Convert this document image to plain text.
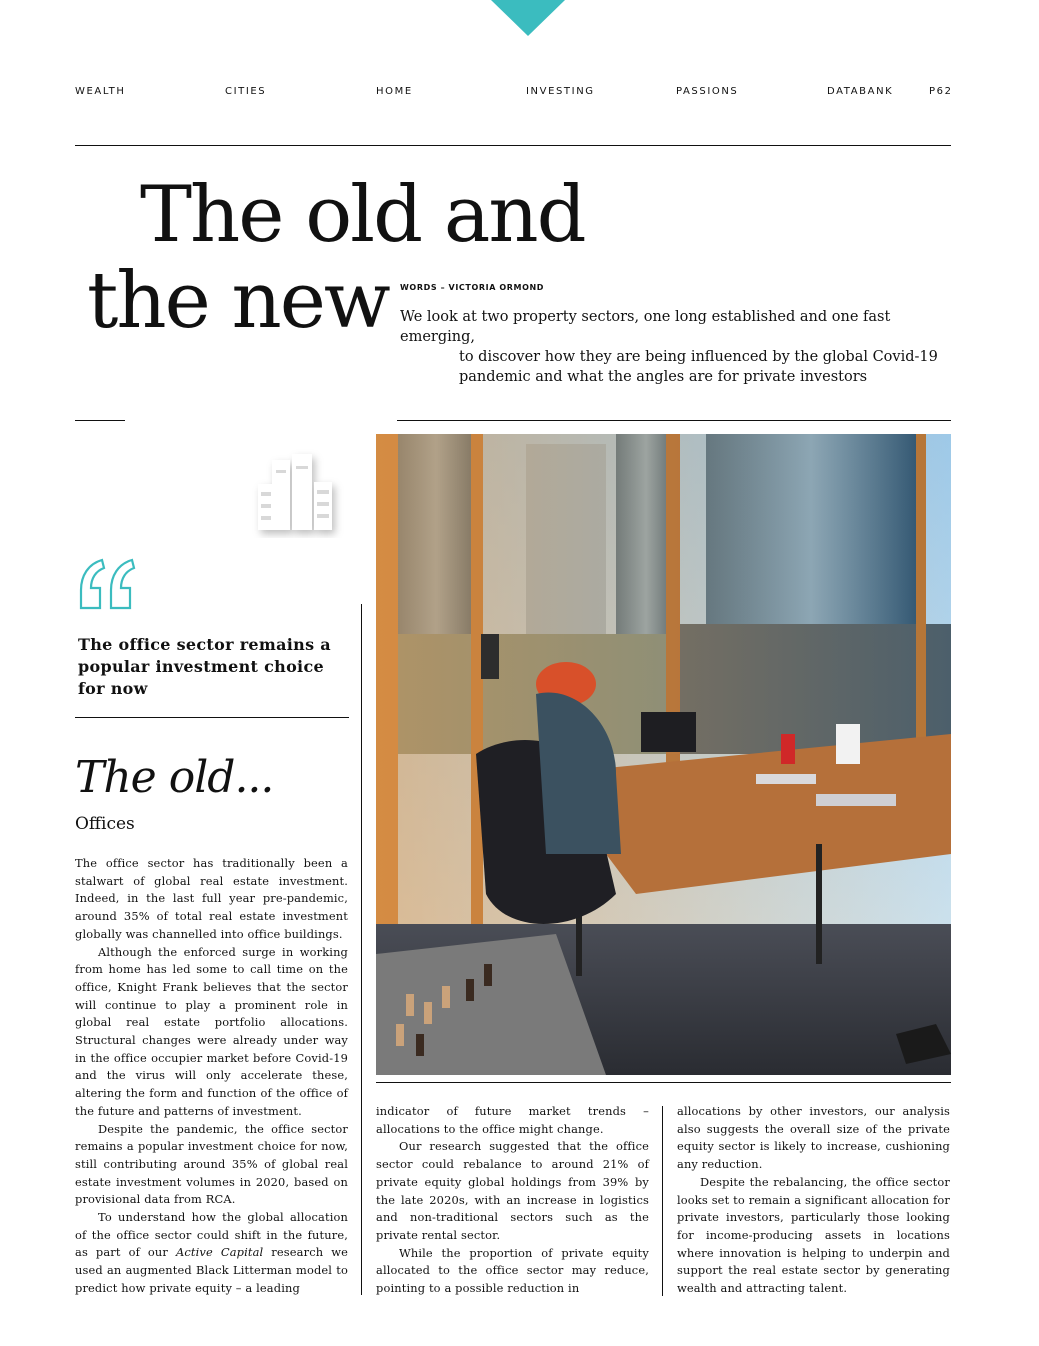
WEALTH	CITIES	HOME	INVESTING	PASSIONS	DATABANK	P62
The old and
the new WORDS – VICTORIA ORMOND
We look at two property sectors, one long established and one fast emerging,
to discover how they are being influenced by the global Covid-19 pandemic and what the angles are for private investors
The office sector remains a popular investment choice for now
The old...
Offices

The office sector has traditionally been a stalwart of global real estate investment. Indeed, in the last full year pre-pandemic, around 35% of total real estate investment globally was channelled into office buildings.

Although the enforced surge in working from home has led some to call time on the office, Knight Frank believes that the sector will continue to play a prominent role in global real estate portfolio allocations. Structural changes were already under way in the office occupier market before Covid-19 and the virus will only accelerate these, altering the form and function of the office of the future and patterns of investment.

Despite the pandemic, the office sector remains a popular investment choice for now, still contributing around 35% of global real estate investment volumes in 2020, based on provisional data from RCA.

To understand how the global allocation of the office sector could shift in the future, as part of our Active Capital research we used an augmented Black Litterman model to predict how private equity – a leading

indicator of future market trends – allocations to the office might change.

Our research suggested that the office sector could rebalance to around 21% of private equity global holdings from 39% by the late 2020s, with an increase in logistics and non-traditional sectors such as the private rental sector.

While the proportion of private equity allocated to the office sector may reduce, pointing to a possible reduction in

allocations by other investors, our analysis also suggests the overall size of the private equity sector is likely to increase, cushioning any reduction.

Despite the rebalancing, the office sector looks set to remain a significant allocation for private investors, particularly those looking for income-producing assets in locations where innovation is helping to underpin and support the real estate sector by generating wealth and attracting talent.
